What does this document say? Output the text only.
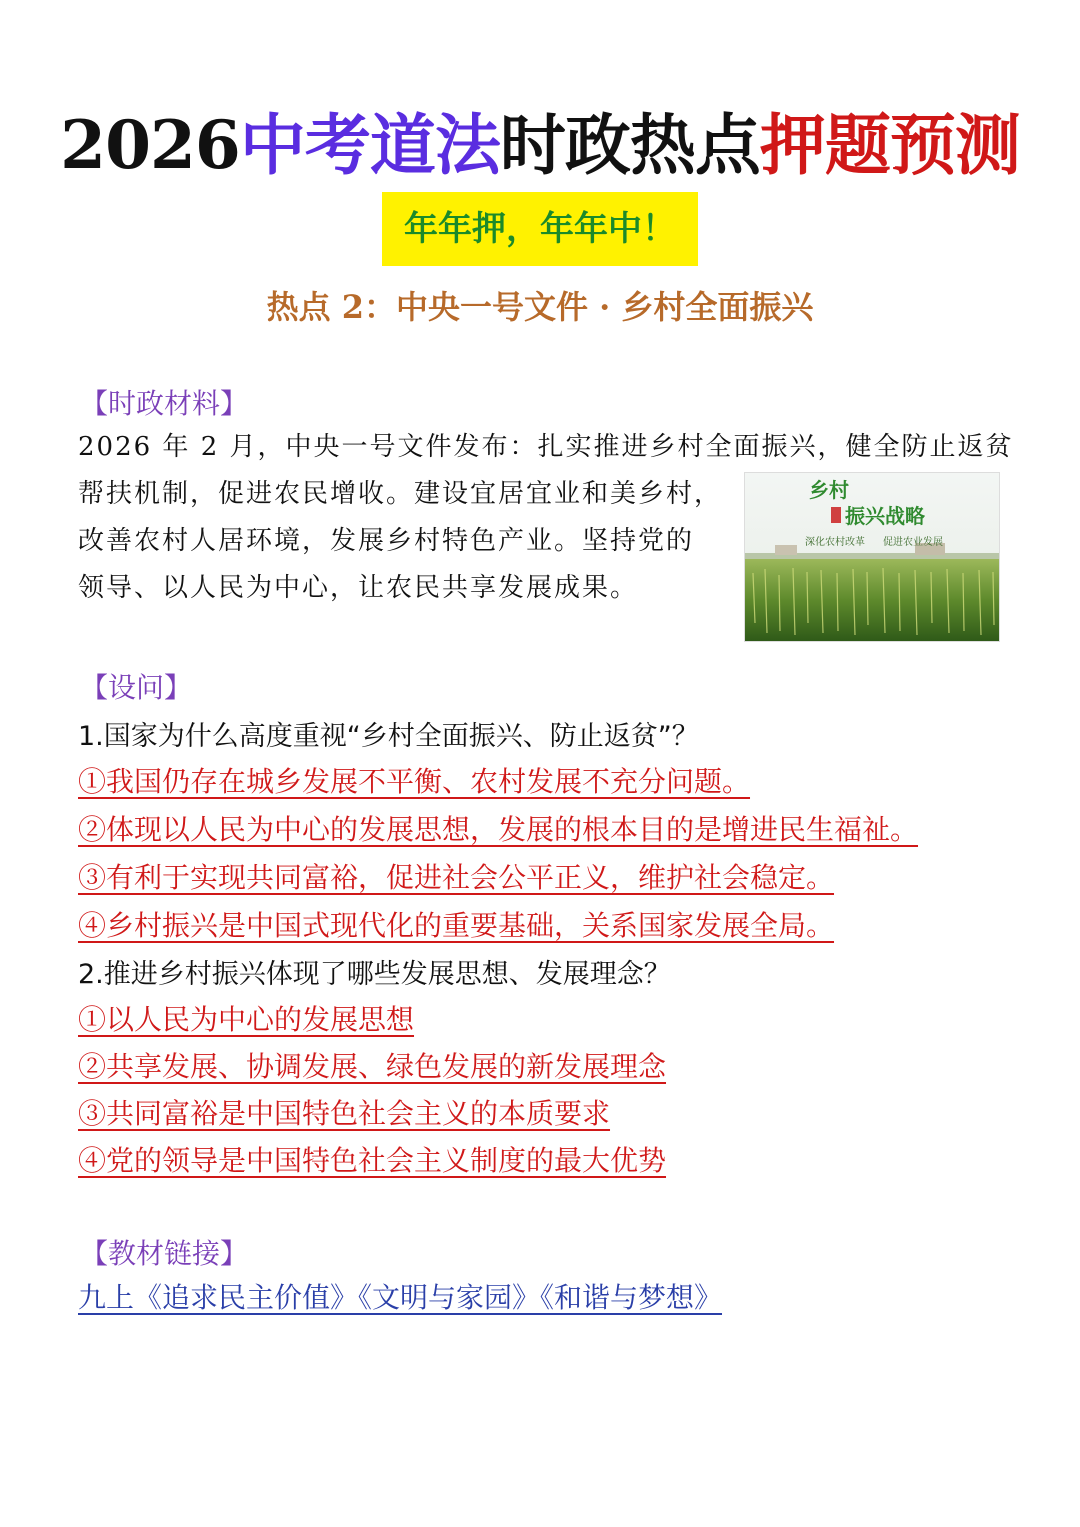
2026中考道法时政热点押题预测
年年押，年年中！
热点 2：中央一号文件 · 乡村全面振兴
【时政材料】
2026 年 2 月，中央一号文件发布：扎实推进乡村全面振兴，健全防止返贫
帮扶机制，促进农民增收。建设宜居宜业和美乡村，
改善农村人居环境，发展乡村特色产业。坚持党的
领导、以人民为中心，让农民共享发展成果。
乡村
振兴战略
深化农村改革 促进农业发展
【设问】
1.国家为什么高度重视“乡村全面振兴、防止返贫”？
①我国仍存在城乡发展不平衡、农村发展不充分问题。
②体现以人民为中心的发展思想，发展的根本目的是增进民生福祉。
③有利于实现共同富裕，促进社会公平正义，维护社会稳定。
④乡村振兴是中国式现代化的重要基础，关系国家发展全局。
2.推进乡村振兴体现了哪些发展思想、发展理念？
①以人民为中心的发展思想
②共享发展、协调发展、绿色发展的新发展理念
③共同富裕是中国特色社会主义的本质要求
④党的领导是中国特色社会主义制度的最大优势
【教材链接】
九上《追求民主价值》《文明与家园》《和谐与梦想》
